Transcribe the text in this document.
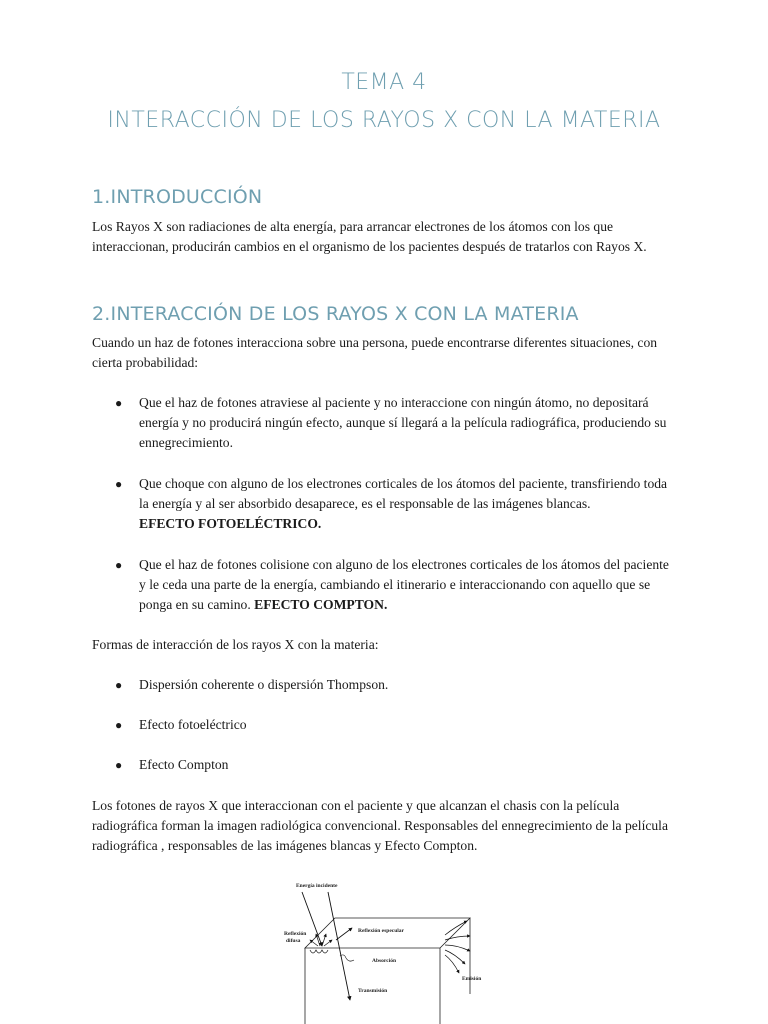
TEMA 4
INTERACCIÓN DE LOS RAYOS X CON LA MATERIA
1.INTRODUCCIÓN
Los Rayos X son radiaciones de alta energía, para arrancar electrones de los átomos con los que interaccionan, producirán cambios en el organismo de los pacientes después de tratarlos con Rayos X.
2.INTERACCIÓN DE LOS RAYOS X CON LA MATERIA
Cuando un haz de fotones interacciona sobre una persona, puede encontrarse diferentes situaciones, con cierta probabilidad:
● Que el haz de fotones atraviese al paciente y no interaccione con ningún átomo, no depositará energía y no producirá ningún efecto, aunque sí llegará a la película radiográfica, produciendo su ennegrecimiento.
● Que choque con alguno de los electrones corticales de los átomos del paciente, transfiriendo toda la energía y al ser absorbido desaparece, es el responsable de las imágenes blancas.
EFECTO FOTOELÉCTRICO.
● Que el haz de fotones colisione con alguno de los electrones corticales de los átomos del paciente y le ceda una parte de la energía, cambiando el itinerario e interaccionando con aquello que se ponga en su camino. EFECTO COMPTON.
Formas de interacción de los rayos X con la materia:
● Dispersión coherente o dispersión Thompson.
● Efecto fotoeléctrico
● Efecto Compton
Los fotones de rayos X que interaccionan con el paciente y que alcanzan el chasis con la película radiográfica forman la imagen radiológica convencional. Responsables del ennegrecimiento de la película radiográfica , responsables de las imágenes blancas y Efecto Compton.
Energía incidente
Reflexión
difusa
Reflexión especular
Absorción
Emisión
Transmisión
